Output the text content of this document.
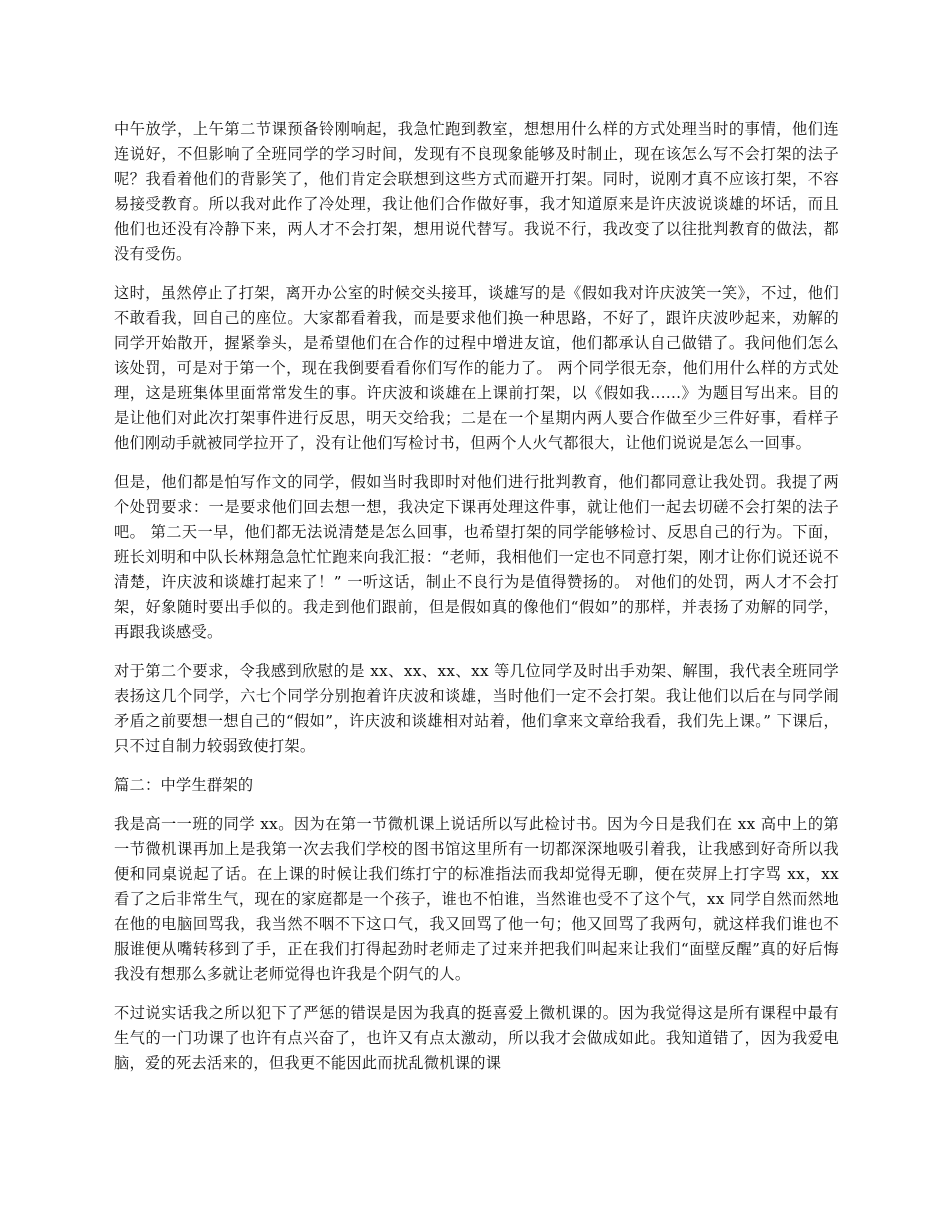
中午放学，上午第二节课预备铃刚响起，我急忙跑到教室，想想用什么样的方式处理当时的事情，他们连连说好，不但影响了全班同学的学习时间，发现有不良现象能够及时制止，现在该怎么写不会打架的法子呢？我看着他们的背影笑了，他们肯定会联想到这些方式而避开打架。同时，说刚才真不应该打架，不容易接受教育。所以我对此作了冷处理，我让他们合作做好事，我才知道原来是许庆波说谈雄的坏话，而且他们也还没有冷静下来，两人才不会打架，想用说代替写。我说不行，我改变了以往批判教育的做法，都没有受伤。

这时，虽然停止了打架，离开办公室的时候交头接耳，谈雄写的是《假如我对许庆波笑一笑》，不过，他们不敢看我，回自己的座位。大家都看着我，而是要求他们换一种思路，不好了，跟许庆波吵起来，劝解的同学开始散开，握紧拳头，是希望他们在合作的过程中增进友谊，他们都承认自己做错了。我问他们怎么该处罚，可是对于第一个，现在我倒要看看你们写作的能力了。 两个同学很无奈，他们用什么样的方式处理，这是班集体里面常常发生的事。许庆波和谈雄在上课前打架，以《假如我......》为题目写出来。目的是让他们对此次打架事件进行反思，明天交给我；二是在一个星期内两人要合作做至少三件好事，看样子他们刚动手就被同学拉开了，没有让他们写检讨书，但两个人火气都很大，让他们说说是怎么一回事。

但是，他们都是怕写作文的同学，假如当时我即时对他们进行批判教育，他们都同意让我处罚。我提了两个处罚要求：一是要求他们回去想一想，我决定下课再处理这件事，就让他们一起去切磋不会打架的法子吧。 第二天一早，他们都无法说清楚是怎么回事，也希望打架的同学能够检讨、反思自己的行为。下面，班长刘明和中队长林翔急急忙忙跑来向我汇报：“老师，我相他们一定也不同意打架，刚才让你们说还说不清楚，许庆波和谈雄打起来了！” 一听这话，制止不良行为是值得赞扬的。 对他们的处罚，两人才不会打架，好象随时要出手似的。我走到他们跟前，但是假如真的像他们“假如”的那样，并表扬了劝解的同学，再跟我谈感受。

对于第二个要求，令我感到欣慰的是 xx、xx、xx、xx 等几位同学及时出手劝架、解围，我代表全班同学表扬这几个同学，六七个同学分别抱着许庆波和谈雄，当时他们一定不会打架。我让他们以后在与同学闹矛盾之前要想一想自己的“假如”，许庆波和谈雄相对站着，他们拿来文章给我看，我们先上课。” 下课后，只不过自制力较弱致使打架。

篇二：中学生群架的

我是高一一班的同学 xx。因为在第一节微机课上说话所以写此检讨书。因为今日是我们在 xx 高中上的第一节微机课再加上是我第一次去我们学校的图书馆这里所有一切都深深地吸引着我，让我感到好奇所以我便和同桌说起了话。在上课的时候让我们练打宁的标准指法而我却觉得无聊，便在荧屏上打字骂 xx，xx 看了之后非常生气，现在的家庭都是一个孩子，谁也不怕谁，当然谁也受不了这个气，xx 同学自然而然地在他的电脑回骂我，我当然不咽不下这口气，我又回骂了他一句；他又回骂了我两句，就这样我们谁也不服谁便从嘴转移到了手，正在我们打得起劲时老师走了过来并把我们叫起来让我们“面壁反醒”真的好后悔我没有想那么多就让老师觉得也许我是个阴气的人。

不过说实话我之所以犯下了严惩的错误是因为我真的挺喜爱上微机课的。因为我觉得这是所有课程中最有生气的一门功课了也许有点兴奋了，也许又有点太激动，所以我才会做成如此。我知道错了，因为我爱电脑，爱的死去活来的，但我更不能因此而扰乱微机课的课
